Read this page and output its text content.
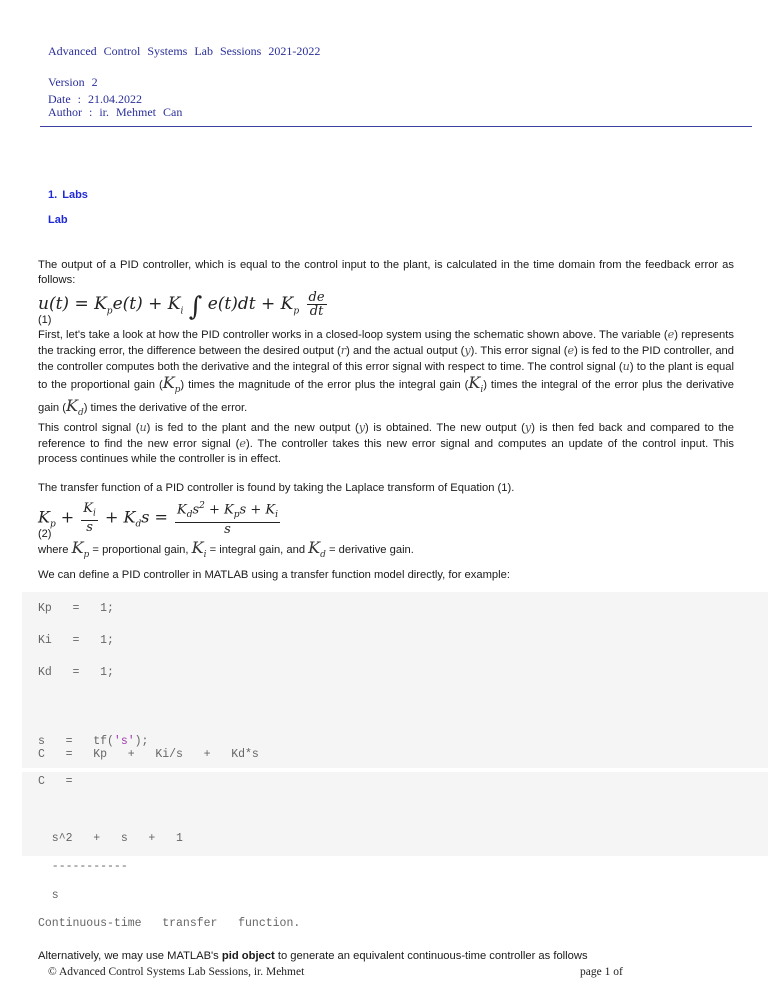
Advanced Control Systems Lab Sessions 2021-2022
Version 2
Date : 21.04.2022
Author : ir. Mehmet Can
1. Labs
Lab
The output of a PID controller, which is equal to the control input to the plant, is calculated in the time domain from the feedback error as follows:
$u(t) = K_pe(t) + K_i$ ∫ $e(t)dt + K_p \frac{de}{dt}$
(1)
First, let's take a look at how the PID controller works in a closed-loop system using the schematic shown above. The variable (e) represents the tracking error, the difference between the desired output (r) and the actual output (y). This error signal (e) is fed to the PID controller, and the controller computes both the derivative and the integral of this error signal with respect to time. The control signal (u) to the plant is equal to the proportional gain $(K_p)$ times the magnitude of the error plus the integral gain $(K_i)$ times the integral of the error plus the derivative gain $(K_d)$ times the derivative of the error.
This control signal (u) is fed to the plant and the new output (y) is obtained. The new output (y) is then fed back and compared to the reference to find the new error signal (e). The controller takes this new error signal and computes an update of the control input. This process continues while the controller is in effect.
The transfer function of a PID controller is found by taking the Laplace transform of Equation (1).
$K_p + \frac{K_i}{s} + K_ds = \frac{K_ds^2 + K_ps + K_i}{s}$
(2)
where $K_p$ = proportional gain, $K_i$ = integral gain, and $K_d$ = derivative gain.
We can define a PID controller in MATLAB using a transfer function model directly, for example:
Kp   =   1;
Ki   =   1;
Kd   =   1;
s   =   tf('s');
C   =   Kp   +   Ki/s   +   Kd*s
C   =
s^2   +   s   +   1
-----------
s
Continuous-time   transfer   function.
Alternatively, we may use MATLAB's pid object to generate an equivalent continuous-time controller as follows
© Advanced Control Systems Lab Sessions, ir. Mehmet	page 1 of
